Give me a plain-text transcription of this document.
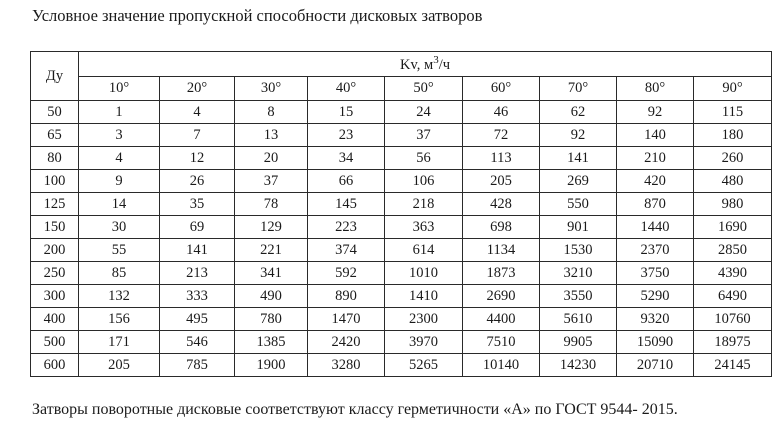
Условное значение пропускной способности дисковых затворов
Ду	Kv, $м^3/ч$								
	10°	20°	30°	40°	50°	60°	70°	80°	90°
50	1	4	8	15	24	46	62	92	115
65	3	7	13	23	37	72	92	140	180
80	4	12	20	34	56	113	141	210	260
100	9	26	37	66	106	205	269	420	480
125	14	35	78	145	218	428	550	870	980
150	30	69	129	223	363	698	901	1440	1690
200	55	141	221	374	614	1134	1530	2370	2850
250	85	213	341	592	1010	1873	3210	3750	4390
300	132	333	490	890	1410	2690	3550	5290	6490
400	156	495	780	1470	2300	4400	5610	9320	10760
500	171	546	1385	2420	3970	7510	9905	15090	18975
600	205	785	1900	3280	5265	10140	14230	20710	24145
Затворы поворотные дисковые соответствуют классу герметичности «А» по ГОСТ 9544- 2015.
